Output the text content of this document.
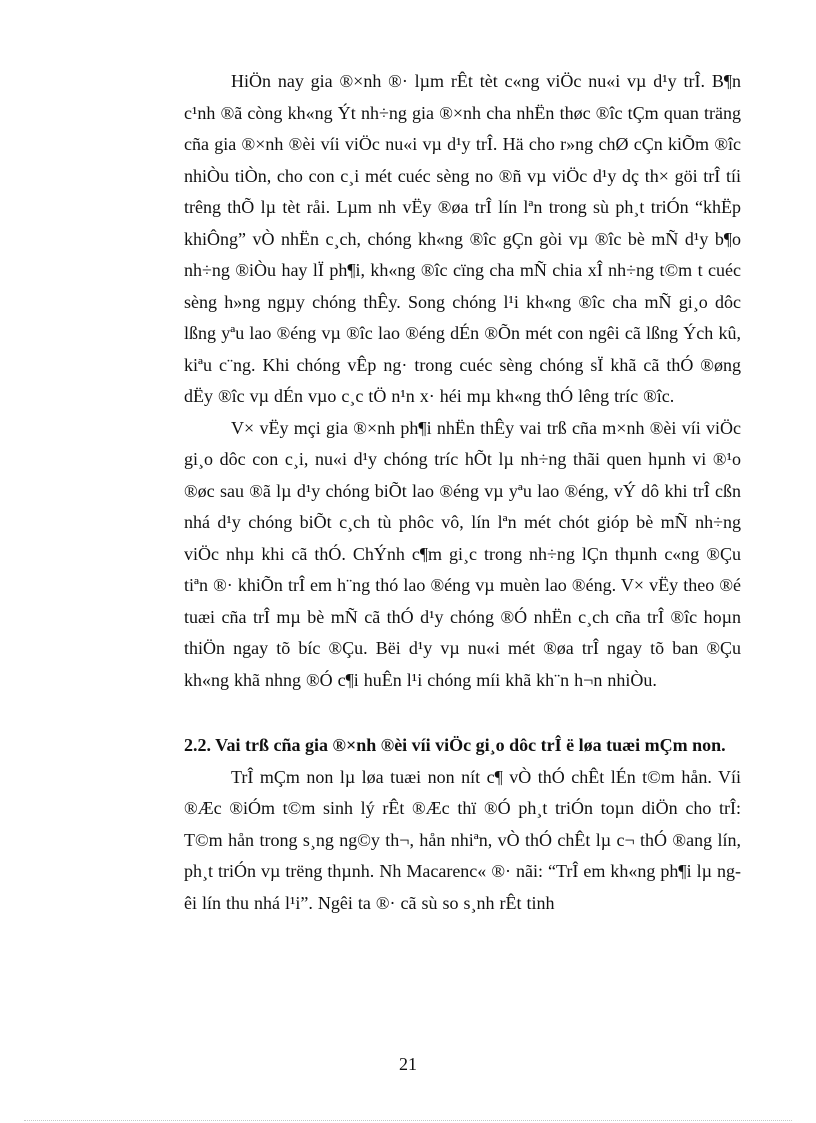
HiÖn nay gia ®×nh ®· lµm rÊt tèt c«ng viÖc nu«i vµ d¹y trÎ. B¶n c¹nh ®ã còng kh«ng Ýt nh÷ng gia ®×nh cha nhËn thøc ®îc tÇm quan träng cña gia ®×nh ®èi víi viÖc nu«i vµ d¹y trÎ. Hä cho r»ng chØ cÇn kiÕm ®îc nhiÒu tiÒn, cho con c¸i mét cuéc sèng no ®ñ vµ viÖc d¹y dç th× göi trÎ tíi trêng thÕ lµ tèt råi. Lµm nh vËy ®øa trÎ lín lªn trong sù ph¸t triÓn “khËp khiÔng” vÒ nhËn c¸ch, chóng kh«ng ®îc gÇn gòi vµ ®îc bè mÑ d¹y b¶o nh÷ng ®iÒu hay lÏ ph¶i, kh«ng ®îc cïng cha mÑ chia xÎ nh÷ng t©m t cuéc sèng h»ng ngµy chóng thÊy. Song chóng l¹i kh«ng ®îc cha mÑ gi¸o dôc lßng yªu lao ®éng vµ ®îc lao ®éng dÉn ®Õn mét con ngêi cã lßng Ých kû, kiªu c¨ng. Khi chóng vÊp ng· trong cuéc sèng chóng sÏ khã cã thÓ ®øng dËy ®îc vµ dÉn vµo c¸c tÖ n¹n x· héi mµ kh«ng thÓ lêng tríc ®îc.

V× vËy mçi gia ®×nh ph¶i nhËn thÊy vai trß cña m×nh ®èi víi viÖc gi¸o dôc con c¸i, nu«i d¹y chóng tríc hÕt lµ nh÷ng thãi quen hµnh vi ®¹o ®øc sau ®ã lµ d¹y chóng biÕt lao ®éng vµ yªu lao ®éng, vÝ dô khi trÎ cßn nhá d¹y chóng biÕt c¸ch tù phôc vô, lín lªn mét chót gióp bè mÑ nh÷ng viÖc nhµ khi cã thÓ. ChÝnh c¶m gi¸c trong nh÷ng lÇn thµnh c«ng ®Çu tiªn ®· khiÕn trÎ em h¨ng thó lao ®éng vµ muèn lao ®éng. V× vËy theo ®é tuæi cña trÎ mµ bè mÑ cã thÓ d¹y chóng ®Ó nhËn c¸ch cña trÎ ®îc hoµn thiÖn ngay tõ bíc ®Çu. Bëi d¹y vµ nu«i mét ®øa trÎ ngay tõ ban ®Çu kh«ng khã nhng ®Ó c¶i huÊn l¹i chóng míi khã kh¨n h¬n nhiÒu.

2.2. Vai trß cña gia ®×nh ®èi víi viÖc gi¸o dôc trÎ ë løa tuæi mÇm non.

TrÎ mÇm non lµ løa tuæi non nít c¶ vÒ thÓ chÊt lÉn t©m hån. Víi ®Æc ®iÓm t©m sinh lý rÊt ®Æc thï ®Ó ph¸t triÓn toµn diÖn cho trÎ: T©m hån trong s¸ng ng©y th¬, hån nhiªn, vÒ thÓ chÊt lµ c¬ thÓ ®ang lín, ph¸t triÓn vµ trëng thµnh. Nh Macarenc« ®· nãi: “TrÎ em kh«ng ph¶i lµ ngêi lín thu nhá l¹i”. Ngêi ta ®· cã sù so s¸nh rÊt tinh

21
